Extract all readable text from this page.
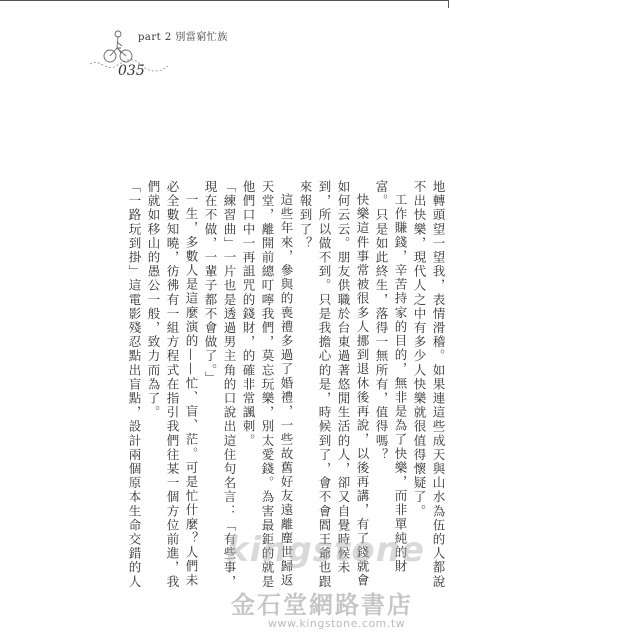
part 2 別當窮忙族
035

地轉頭望一望我，表情滑稽。如果連這些成天與山水為伍的人都說不出快樂，現代人之中有多少人快樂就很值得懷疑了。

工作賺錢，辛苦持家的目的，無非是為了快樂，而非單純的財富。只是如此終生，落得一無所有，值得嗎？

快樂這件事常被很多人挪到退休後再說，以後再講，有了錢就會如何云云。朋友供職於台東過著悠閒生活的人，卻又自覺時候未到，所以做不到。只是我擔心的是，時候到了，會不會閻王爺也跟來報到了？

這些年來，參與的喪禮多過了婚禮，一些故舊好友遠離塵世歸返天堂，離開前總叮嚀我們，莫忘玩樂，別太愛錢。為害最鉅的就是他們口中一再詛咒的錢財，的確非常諷刺。

「練習曲」一片也是透過男主角的口說出這住句名言：「有些事，現在不做，一輩子都不會做了。」

一生，多數人是這麼演的——忙、盲、茫。可是忙什麼？人們未必全數知曉，彷彿有一組方程式在指引我們往某一個方位前進，我們就如移山的愚公一般，致力而為了。

「一路玩到掛」這電影殘忍點出盲點，設計兩個原本生命交錯的人 kingstone
金石堂網路書店
www.kingstone.com.tw
